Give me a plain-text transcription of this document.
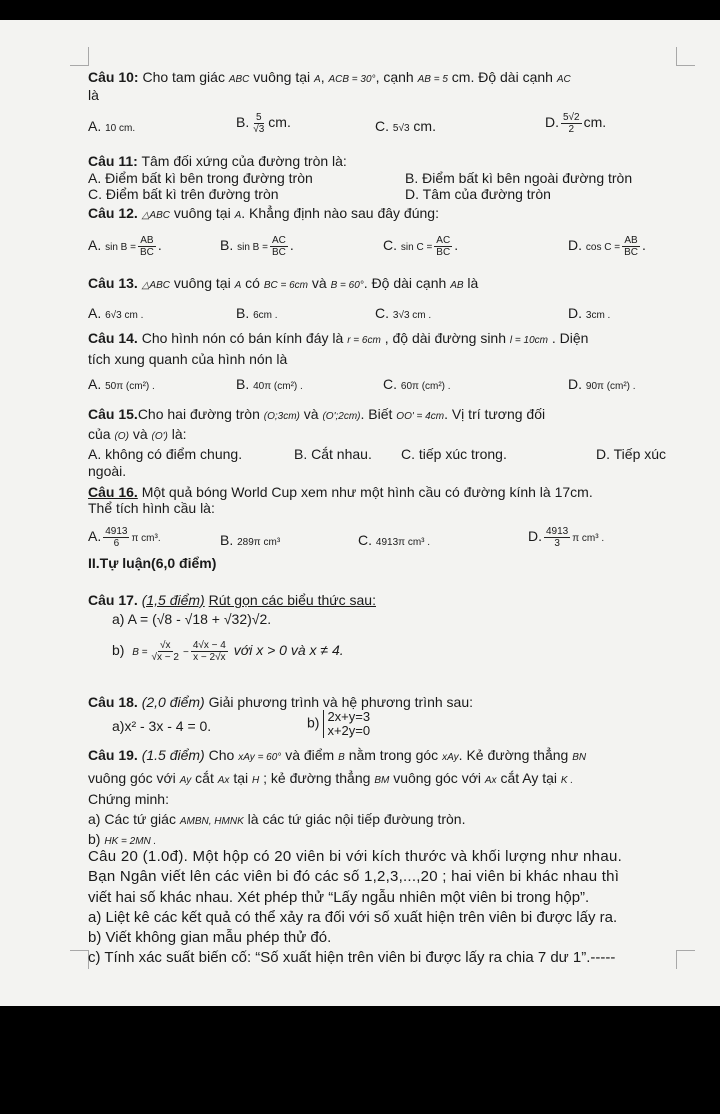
Câu 10: Cho tam giác ABC vuông tại A, ACB = 30°, cạnh AB = 5 cm. Độ dài cạnh AC
là
A. 10 cm.	B. $\frac{5}{√3}$ cm.	C. 5√3 cm.	D. $\frac{5√2}{2}$ cm.
Câu 11: Tâm đối xứng của đường tròn là:
A. Điểm bất kì bên trong đường tròn	B. Điểm bất kì bên ngoài đường tròn
C. Điểm bất kì trên đường tròn	D. Tâm của đường tròn
Câu 12. △ABC vuông tại A. Khẳng định nào sau đây đúng:
A. $\sin B = \frac{AB}{BC}$ .	B. $\sin B = \frac{AC}{BC}$ .	C. $\sin C = \frac{AC}{BC}$ .	D. $\cos C = \frac{AB}{BC}$ .
Câu 13. △ABC vuông tại A có BC = 6cm và B = 60°. Độ dài cạnh AB là
A. 6√3 cm .	B. 6cm .	C. 3√3 cm .	D. 3cm .
Câu 14. Cho hình nón có bán kính đáy là r = 6cm , độ dài đường sinh l = 10cm . Diện
tích xung quanh của hình nón là
A. 50π (cm²) .	B. 40π (cm²) .	C. 60π (cm²) .	D. 90π (cm²) .
Câu 15.Cho hai đường tròn (O;3cm) và (O';2cm). Biết OO' = 4cm. Vị trí tương đối
của (O) và (O') là:
A. không có điểm chung.	B. Cắt nhau. C. tiếp xúc trong.	D. Tiếp xúc
ngoài.
Câu 16. Một quả bóng World Cup xem như một hình cầu có đường kính là 17cm.
Thể tích hình cầu là:
A. $\frac{4913}{6}$ π cm³.	B. 289π cm³	C. 4913π cm³ .	D. $\frac{4913}{3}$ π cm³ .
II.Tự luận(6,0 điểm)
Câu 17. (1,5 điểm) Rút gọn các biểu thức sau:
a) A = (√8 - √18 + √32)√2.
b) $B = \frac{√x}{√x - 2} - \frac{4√x - 4}{x - 2√x}$ với x > 0 và x ≠ 4.
Câu 18. (2,0 điểm) Giải phương trình và hệ phương trình sau:
a)x² - 3x - 4 = 0.	b) 2x+y=3
x+2y=0
Câu 19. (1.5 điểm) Cho xAy = 60° và điểm B nằm trong góc xAy. Kẻ đường thẳng BN
vuông góc với Ay cắt Ax tại H ; kẻ đường thẳng BM vuông góc với Ax cắt Ay tại K .
Chứng minh:
a) Các tứ giác AMBN, HMNK là các tứ giác nội tiếp đườung tròn.
b) HK = 2MN .
Câu 20 (1.0đ). Một hộp có 20 viên bi với kích thước và khối lượng như nhau.
Bạn Ngân viết lên các viên bi đó các số 1,2,3,...,20 ; hai viên bi khác nhau thì
viết hai số khác nhau. Xét phép thử “Lấy ngẫu nhiên một viên bi trong hộp”.
a) Liệt kê các kết quả có thể xảy ra đối với số xuất hiện trên viên bi được lấy ra.
b) Viết không gian mẫu phép thử đó.
c) Tính xác suất biến cố: “Số xuất hiện trên viên bi được lấy ra chia 7 dư 1”.-----
